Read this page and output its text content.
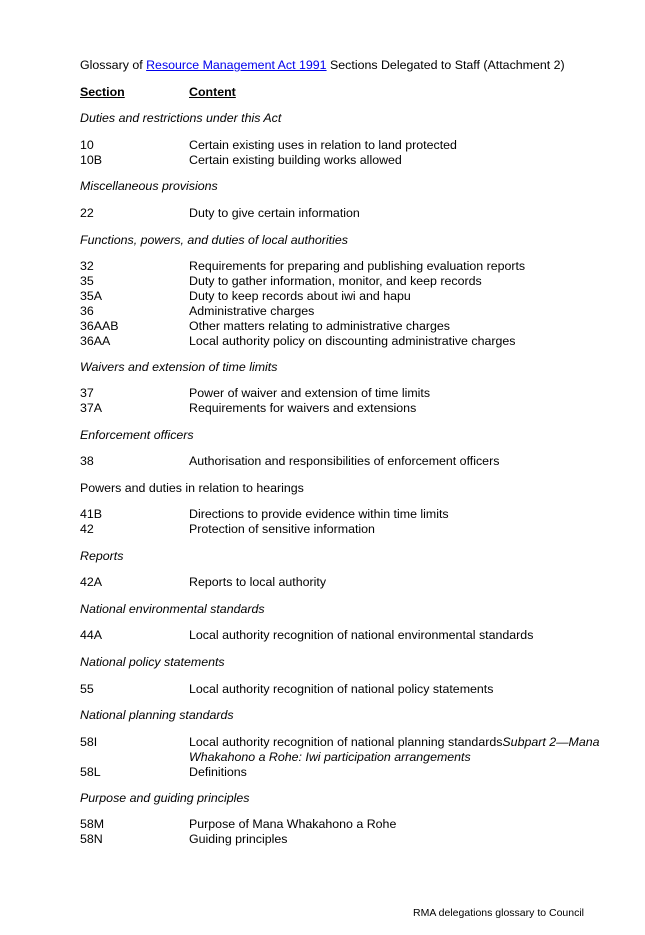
Glossary of Resource Management Act 1991 Sections Delegated to Staff (Attachment 2)
Section	Content
Duties and restrictions under this Act
10	Certain existing uses in relation to land protected
10B	Certain existing building works allowed
Miscellaneous provisions
22	Duty to give certain information
Functions, powers, and duties of local authorities
32	Requirements for preparing and publishing evaluation reports
35	Duty to gather information, monitor, and keep records
35A	Duty to keep records about iwi and hapu
36	Administrative charges
36AAB	Other matters relating to administrative charges
36AA	Local authority policy on discounting administrative charges
Waivers and extension of time limits
37	Power of waiver and extension of time limits
37A	Requirements for waivers and extensions
Enforcement officers
38	Authorisation and responsibilities of enforcement officers
Powers and duties in relation to hearings
41B	Directions to provide evidence within time limits
42	Protection of sensitive information
Reports
42A	Reports to local authority
National environmental standards
44A	Local authority recognition of national environmental standards
National policy statements
55	Local authority recognition of national policy statements
National planning standards
58I	Local authority recognition of national planning standardsSubpart 2—Mana
Whakahono a Rohe: Iwi participation arrangements
58L	Definitions
Purpose and guiding principles
58M	Purpose of Mana Whakahono a Rohe
58N	Guiding principles
RMA delegations glossary to Council
